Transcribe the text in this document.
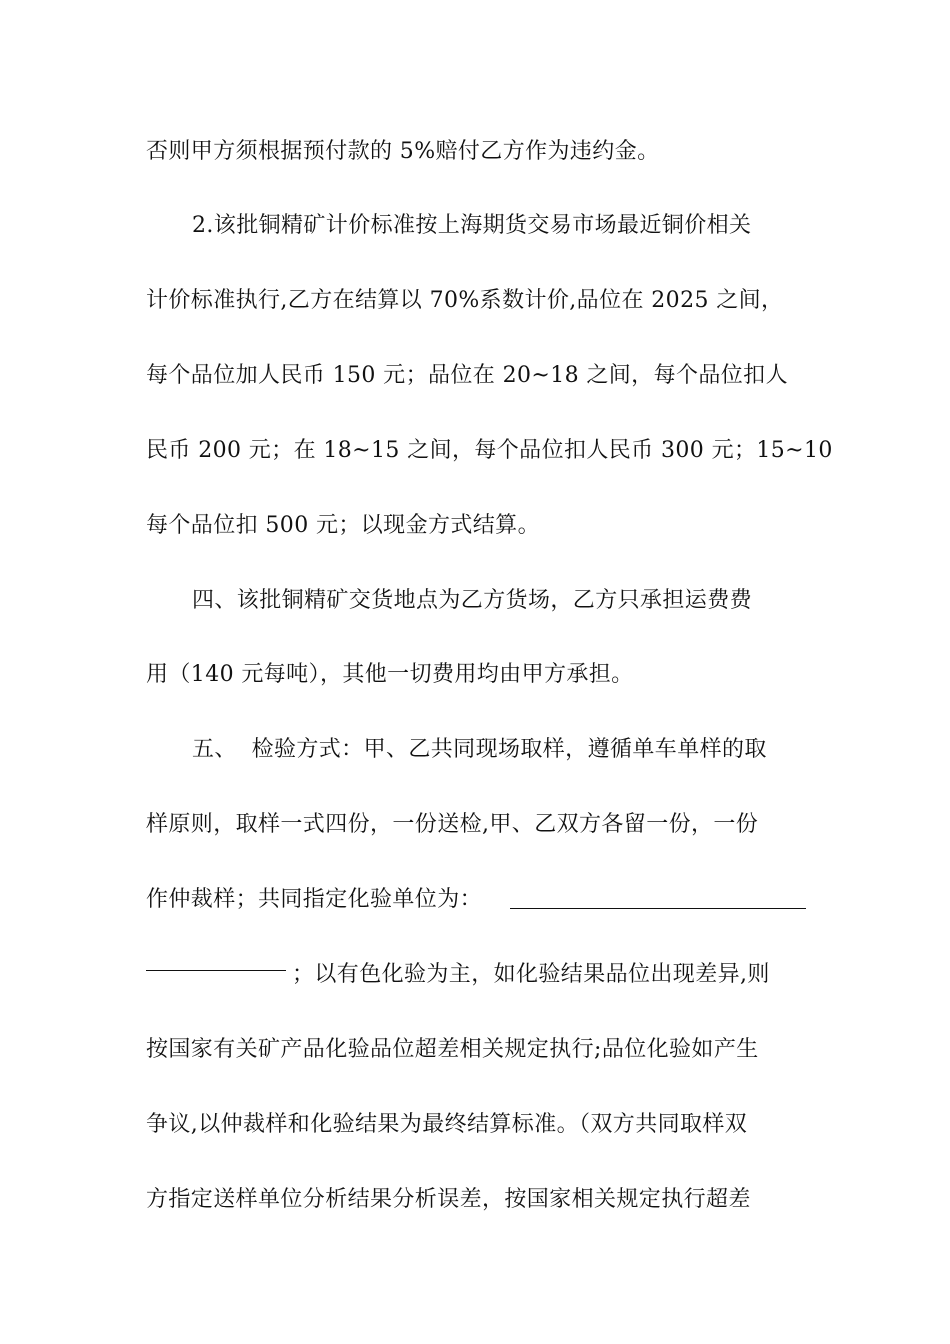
否则甲方须根据预付款的 5%赔付乙方作为违约金。
2.该批铜精矿计价标准按上海期货交易市场最近铜价相关
计价标准执行,乙方在结算以 70%系数计价,品位在 2025 之间，
每个品位加人民币 150 元；品位在 20~18 之间，每个品位扣人
民币 200 元；在 18~15 之间，每个品位扣人民币 300 元；15~10
每个品位扣 500 元；以现金方式结算。
四、该批铜精矿交货地点为乙方货场，乙方只承担运费费
用（140 元每吨），其他一切费用均由甲方承担。
五、  检验方式：甲、乙共同现场取样，遵循单车单样的取
样原则，取样一式四份，一份送检,甲、乙双方各留一份，一份
作仲裁样；共同指定化验单位为：
；以有色化验为主，如化验结果品位出现差异,则
按国家有关矿产品化验品位超差相关规定执行;品位化验如产生
争议,以仲裁样和化验结果为最终结算标准。（双方共同取样双
方指定送样单位分析结果分析误差，按国家相关规定执行超差
